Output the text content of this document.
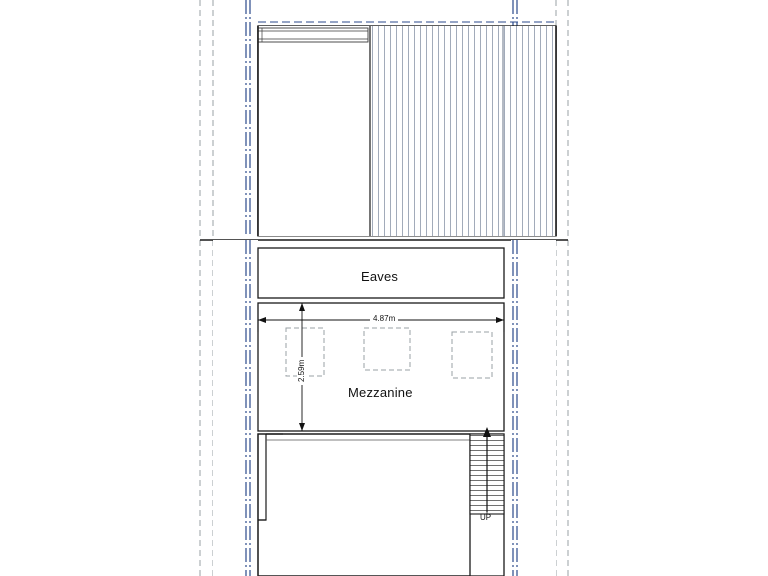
Eaves
Mezzanine
4.87m
2.59m
UP
